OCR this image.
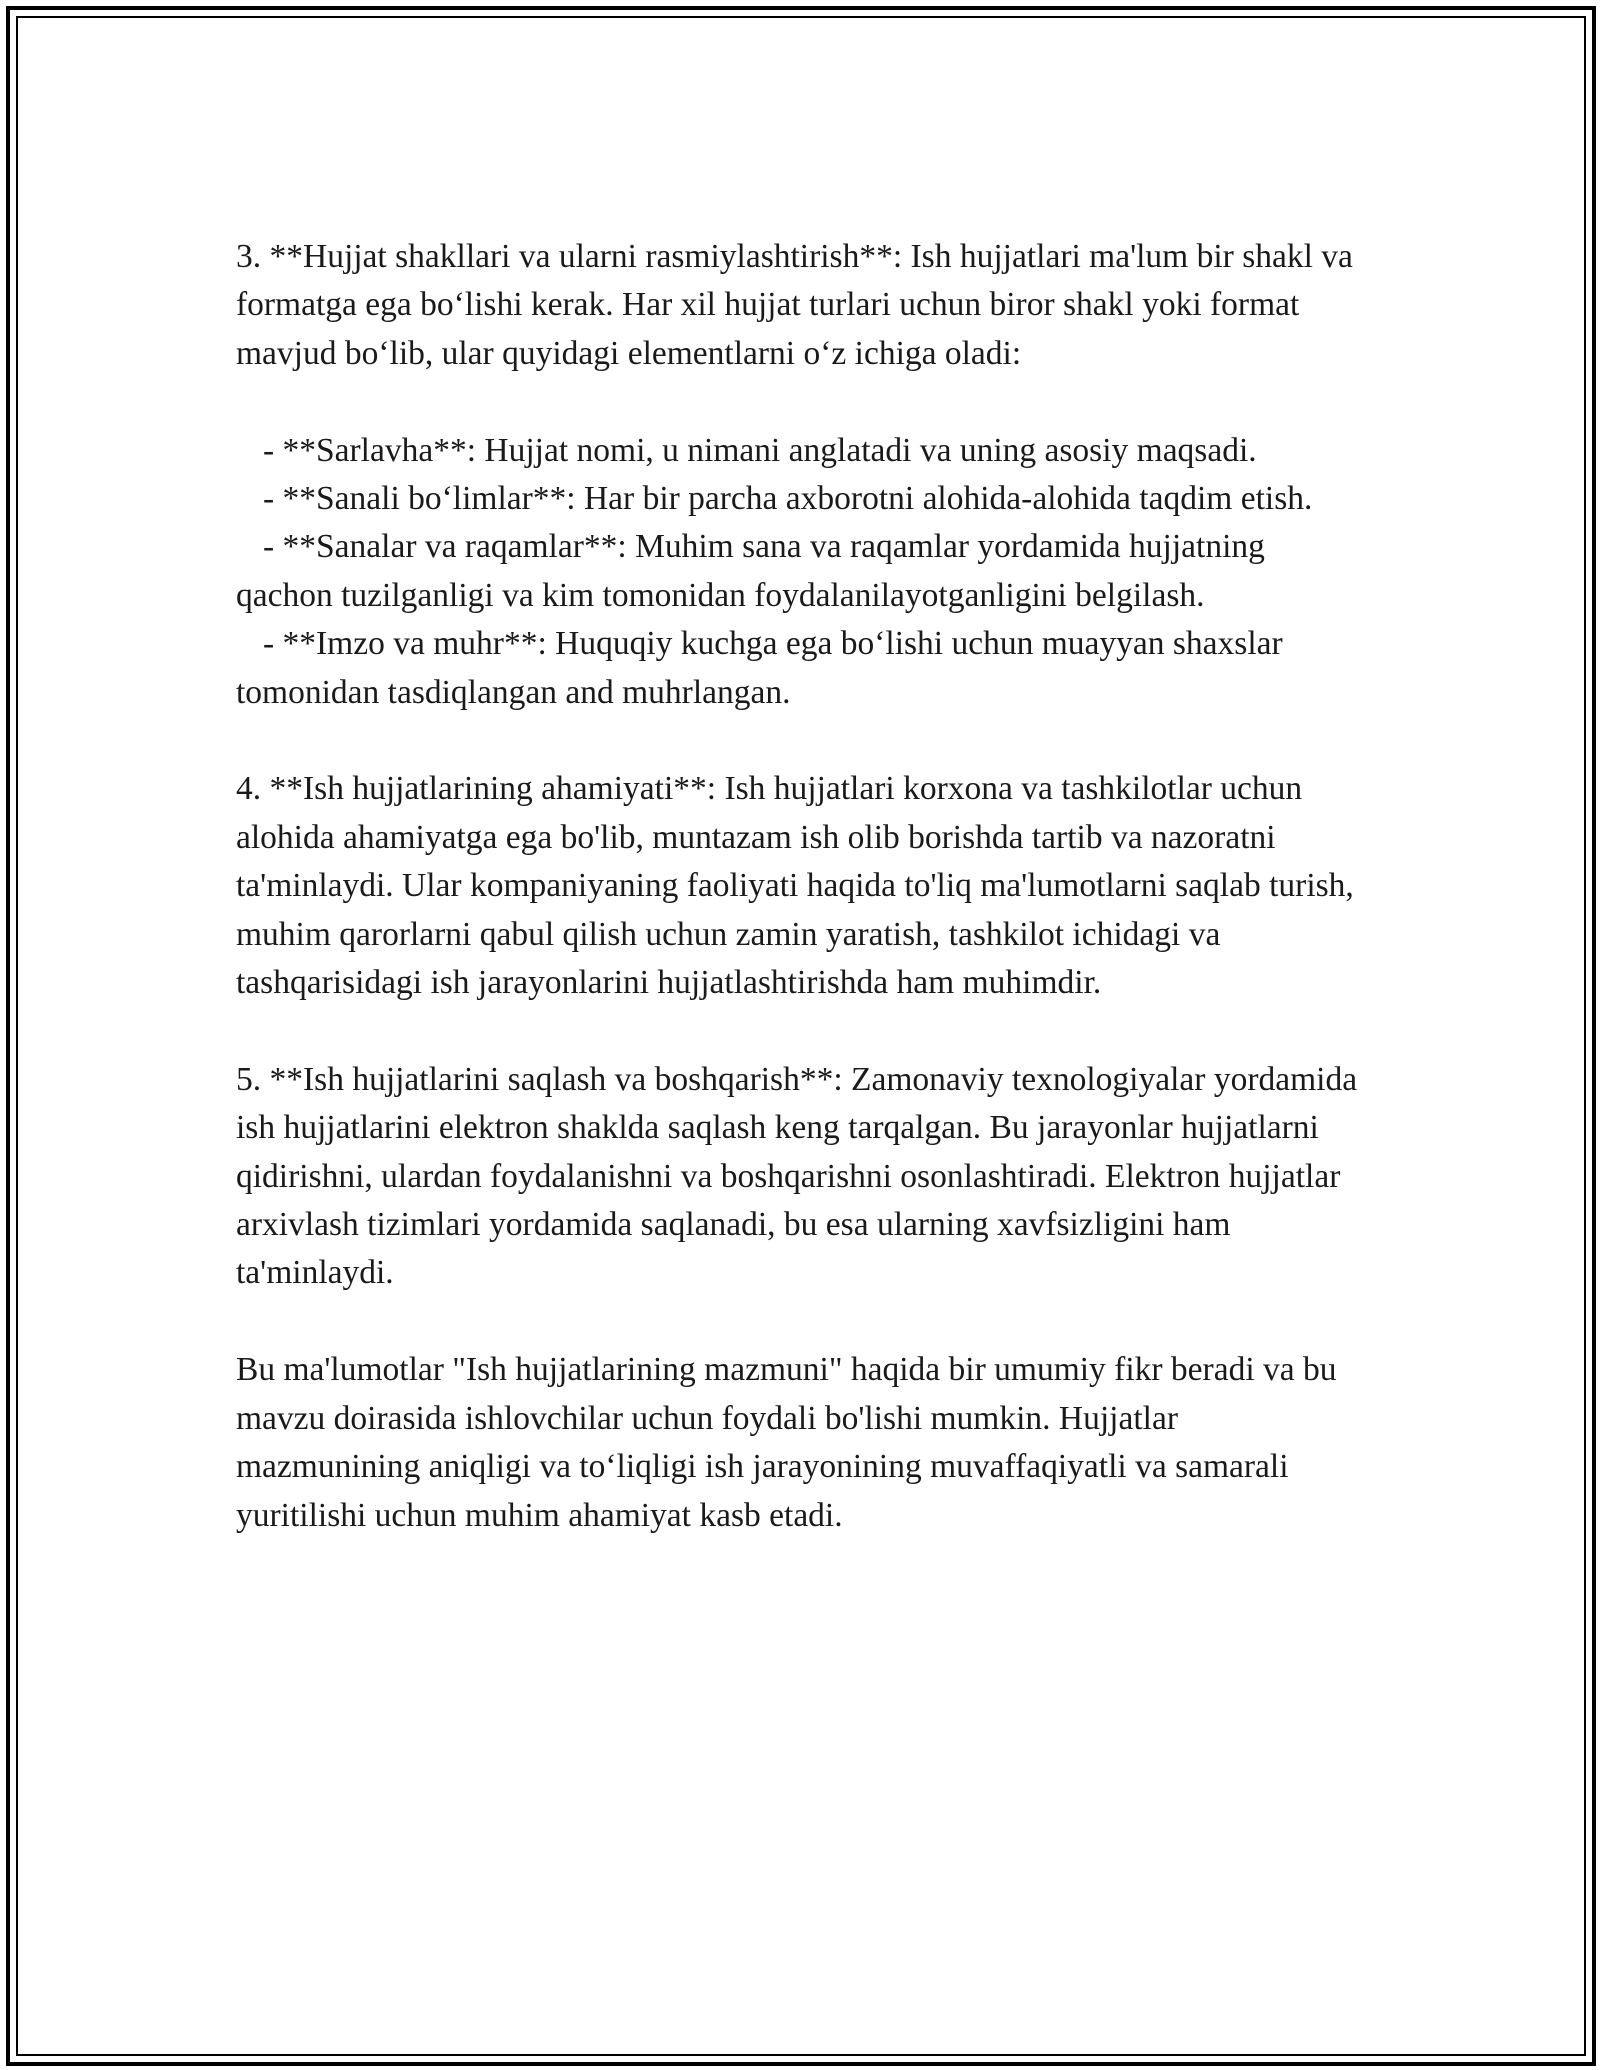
3. **Hujjat shakllari va ularni rasmiylashtirish**: Ish hujjatlari ma'lum bir shakl va formatga ega bo‘lishi kerak. Har xil hujjat turlari uchun biror shakl yoki format mavjud bo‘lib, ular quyidagi elementlarni o‘z ichiga oladi:

- **Sarlavha**: Hujjat nomi, u nimani anglatadi va uning asosiy maqsadi.

- **Sanali bo‘limlar**: Har bir parcha axborotni alohida-alohida taqdim etish.

- **Sanalar va raqamlar**: Muhim sana va raqamlar yordamida hujjatning qachon tuzilganligi va kim tomonidan foydalanilayotganligini belgilash.

- **Imzo va muhr**: Huquqiy kuchga ega bo‘lishi uchun muayyan shaxslar tomonidan tasdiqlangan and muhrlangan.

4. **Ish hujjatlarining ahamiyati**: Ish hujjatlari korxona va tashkilotlar uchun alohida ahamiyatga ega bo'lib, muntazam ish olib borishda tartib va nazoratni ta'minlaydi. Ular kompaniyaning faoliyati haqida to'liq ma'lumotlarni saqlab turish, muhim qarorlarni qabul qilish uchun zamin yaratish, tashkilot ichidagi va tashqarisidagi ish jarayonlarini hujjatlashtirishda ham muhimdir.

5. **Ish hujjatlarini saqlash va boshqarish**: Zamonaviy texnologiyalar yordamida ish hujjatlarini elektron shaklda saqlash keng tarqalgan. Bu jarayonlar hujjatlarni qidirishni, ulardan foydalanishni va boshqarishni osonlashtiradi. Elektron hujjatlar arxivlash tizimlari yordamida saqlanadi, bu esa ularning xavfsizligini ham ta'minlaydi.

Bu ma'lumotlar "Ish hujjatlarining mazmuni" haqida bir umumiy fikr beradi va bu mavzu doirasida ishlovchilar uchun foydali bo'lishi mumkin. Hujjatlar mazmunining aniqligi va to‘liqligi ish jarayonining muvaffaqiyatli va samarali yuritilishi uchun muhim ahamiyat kasb etadi.
